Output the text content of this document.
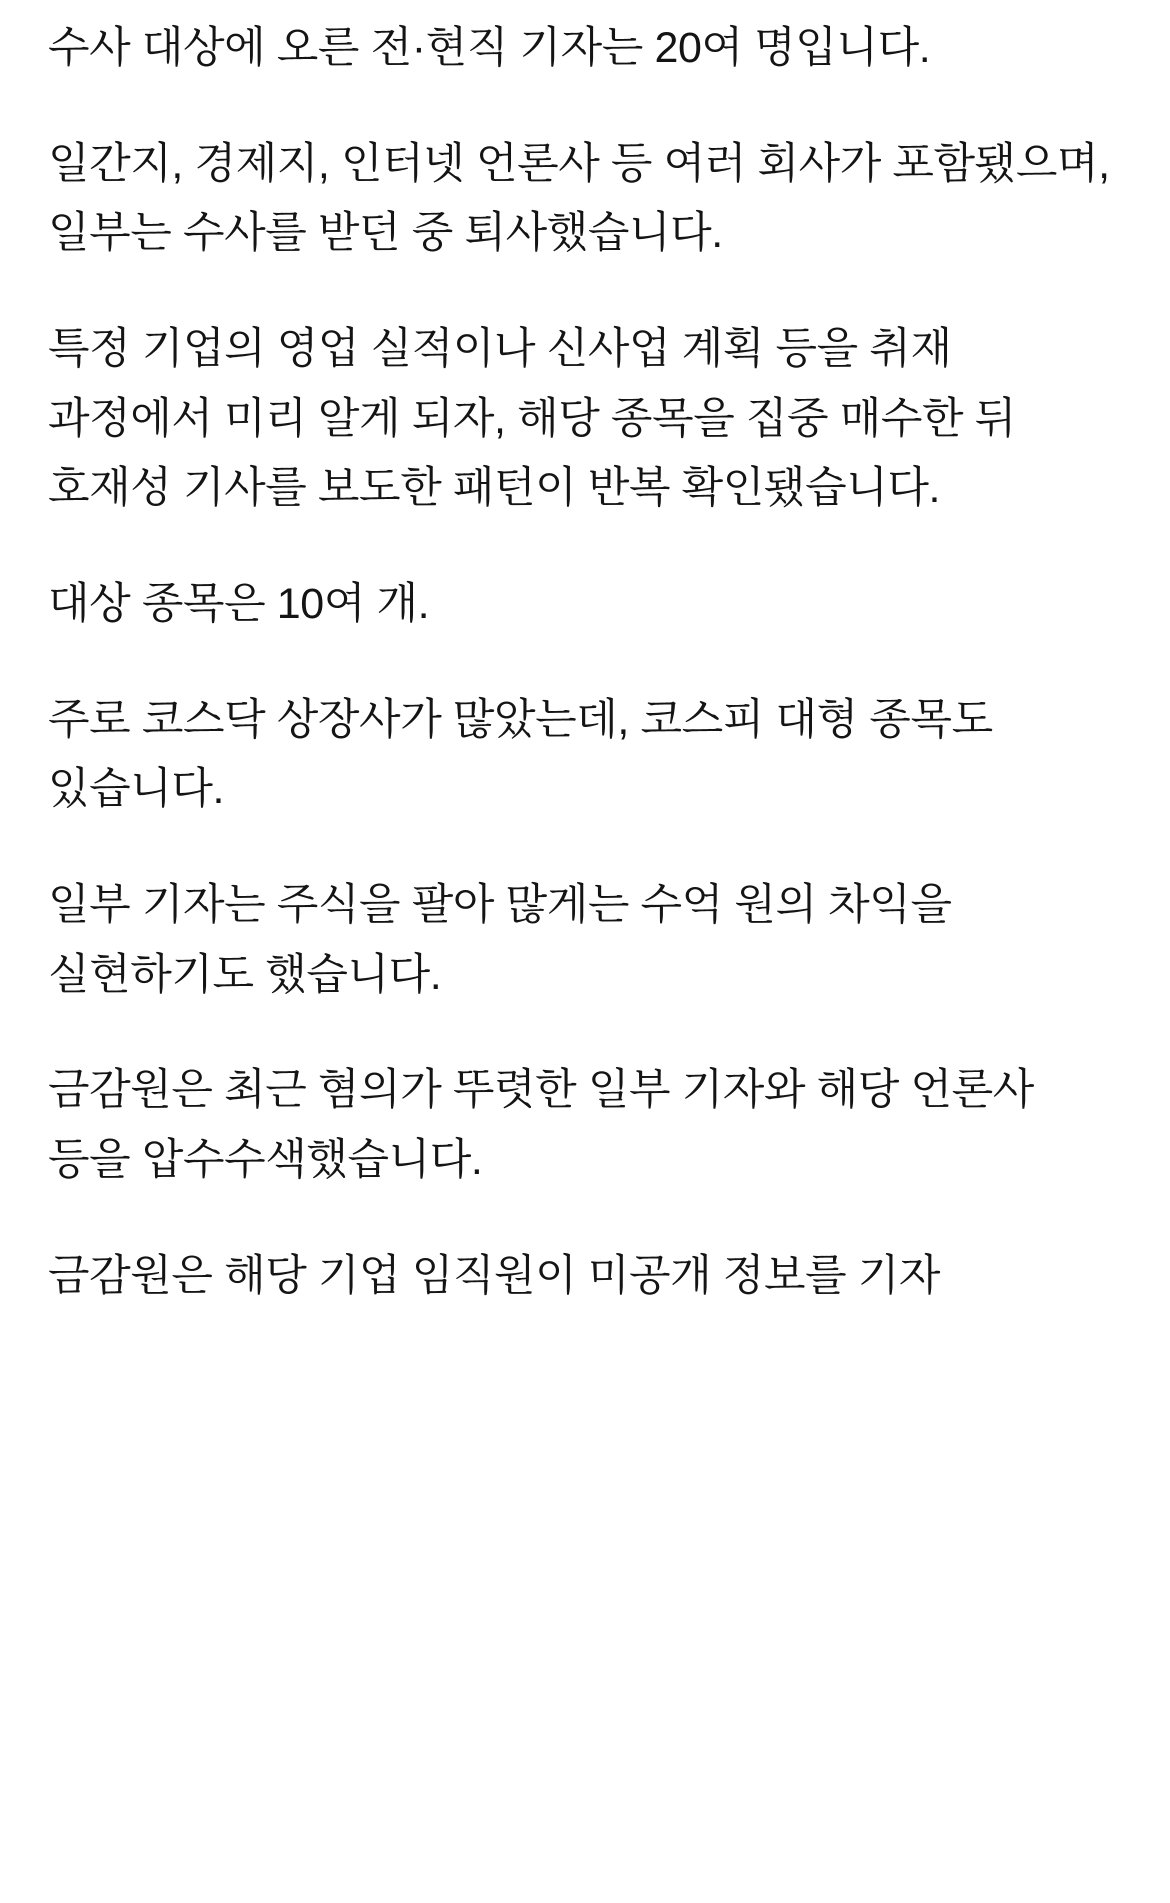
수사 대상에 오른 전·현직 기자는 20여 명입니다.

일간지, 경제지, 인터넷 언론사 등 여러 회사가 포함됐으며, 일부는 수사를 받던 중 퇴사했습니다.

특정 기업의 영업 실적이나 신사업 계획 등을 취재 과정에서 미리 알게 되자, 해당 종목을 집중 매수한 뒤 호재성 기사를 보도한 패턴이 반복 확인됐습니다.

대상 종목은 10여 개.

주로 코스닥 상장사가 많았는데, 코스피 대형 종목도 있습니다.

일부 기자는 주식을 팔아 많게는 수억 원의 차익을 실현하기도 했습니다.

금감원은 최근 혐의가 뚜렷한 일부 기자와 해당 언론사 등을 압수수색했습니다.

금감원은 해당 기업 임직원이 미공개 정보를 기자
